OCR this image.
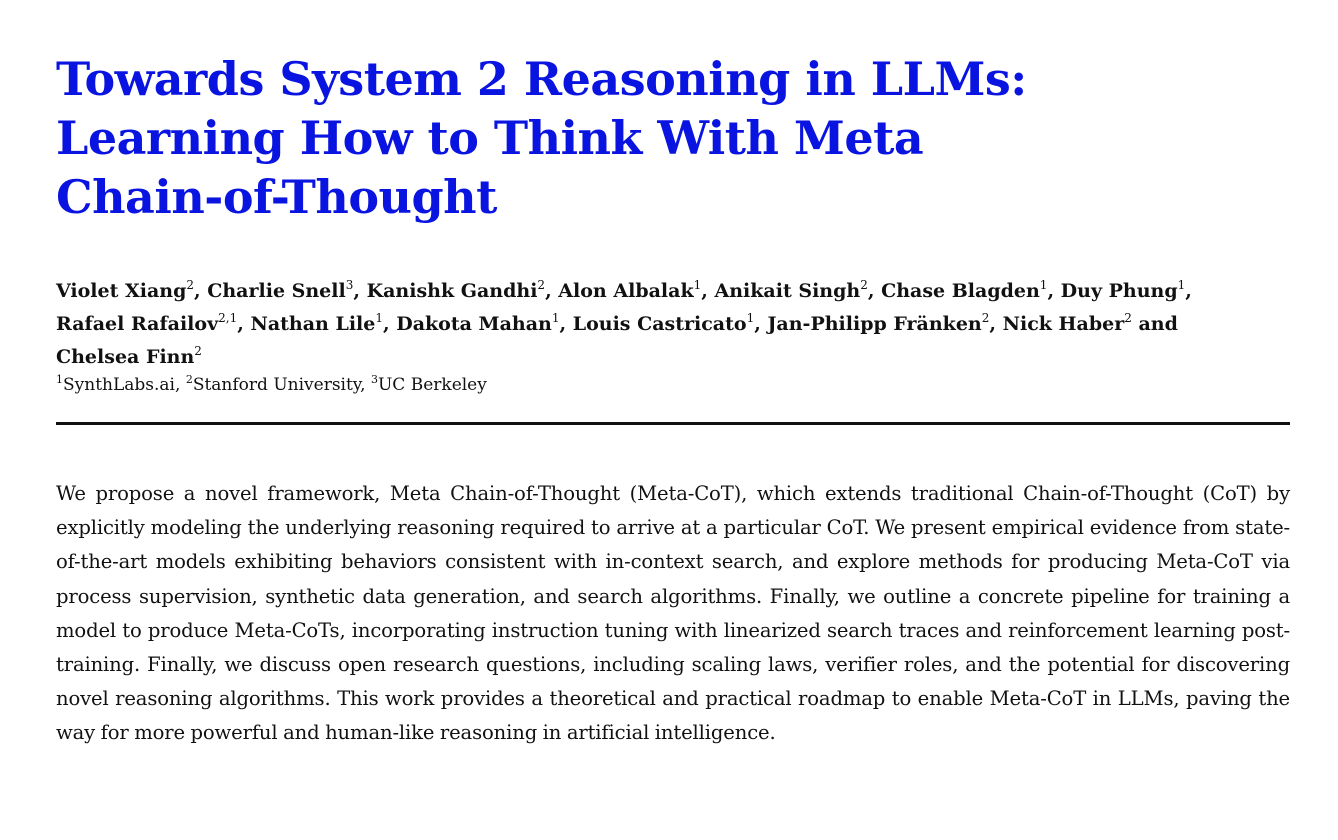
Towards System 2 Reasoning in LLMs:
Learning How to Think With Meta
Chain-of-Thought
Violet Xiang$^2$, Charlie Snell$^3$, Kanishk Gandhi$^2$, Alon Albalak$^1$, Anikait Singh$^2$, Chase Blagden$^1$, Duy Phung$^1$,
Rafael Rafailov$^{2,1}$, Nathan Lile$^1$, Dakota Mahan$^1$, Louis Castricato$^1$, Jan-Philipp Fränken$^2$, Nick Haber$^2$ and
Chelsea Finn$^2$
$^1$SynthLabs.ai, $^2$Stanford University, $^3$UC Berkeley

We propose a novel framework, Meta Chain-of-Thought (Meta-CoT), which extends traditional Chain-of-Thought (CoT) by explicitly modeling the underlying reasoning required to arrive at a particular CoT. We present empirical evidence from state-of-the-art models exhibiting behaviors consistent with in-context search, and explore methods for producing Meta-CoT via process supervision, synthetic data generation, and search algorithms. Finally, we outline a concrete pipeline for training a model to produce Meta-CoTs, incorporating instruction tuning with linearized search traces and reinforcement learning post-training. Finally, we discuss open research questions, including scaling laws, verifier roles, and the potential for discovering novel reasoning algorithms. This work provides a theoretical and practical roadmap to enable Meta-CoT in LLMs, paving the way for more powerful and human-like reasoning in artificial intelligence.
